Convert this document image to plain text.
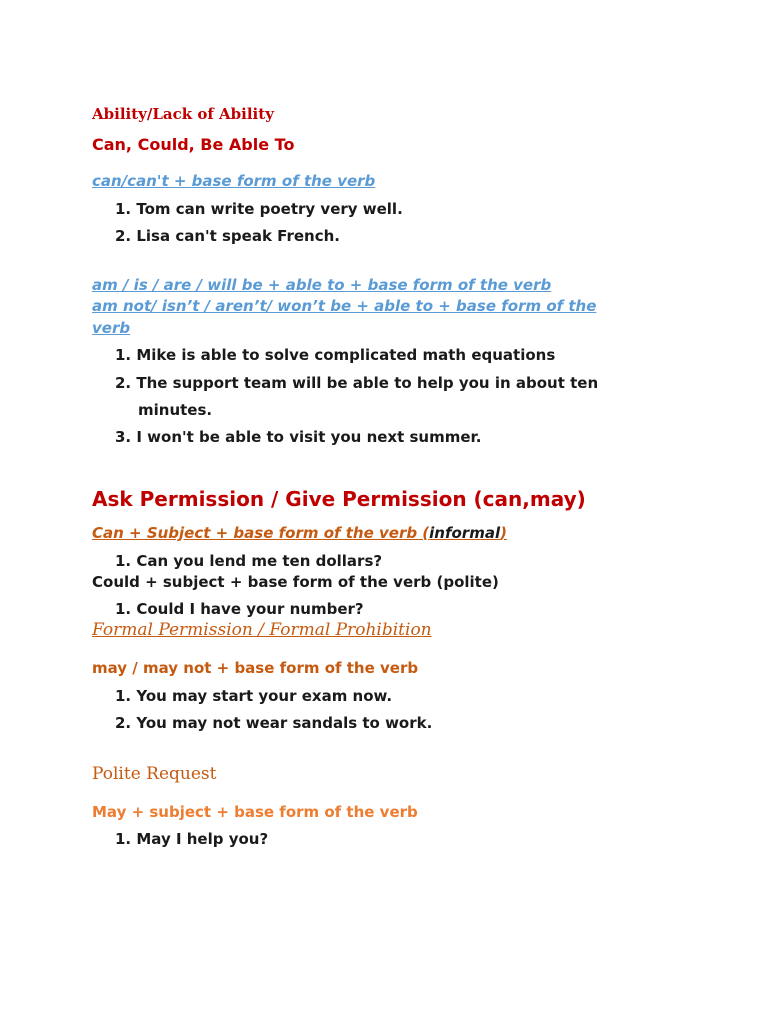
Ability/Lack of Ability
Can, Could, Be Able To
can/can't + base form of the verb
1. Tom can write poetry very well.
2. Lisa can't speak French.
am / is / are / will be + able to + base form of the verb
am not/ isn’t / aren’t/ won’t be + able to + base form of the
verb
1. Mike is able to solve complicated math equations
2. The support team will be able to help you in about ten
minutes.
3. I won't be able to visit you next summer.
Ask Permission / Give Permission (can,may)
Can + Subject + base form of the verb (informal)
1. Can you lend me ten dollars?
Could + subject + base form of the verb (polite)
1. Could I have your number?
Formal Permission / Formal Prohibition
may / may not + base form of the verb
1. You may start your exam now.
2. You may not wear sandals to work.
Polite Request
May + subject + base form of the verb
1. May I help you?
